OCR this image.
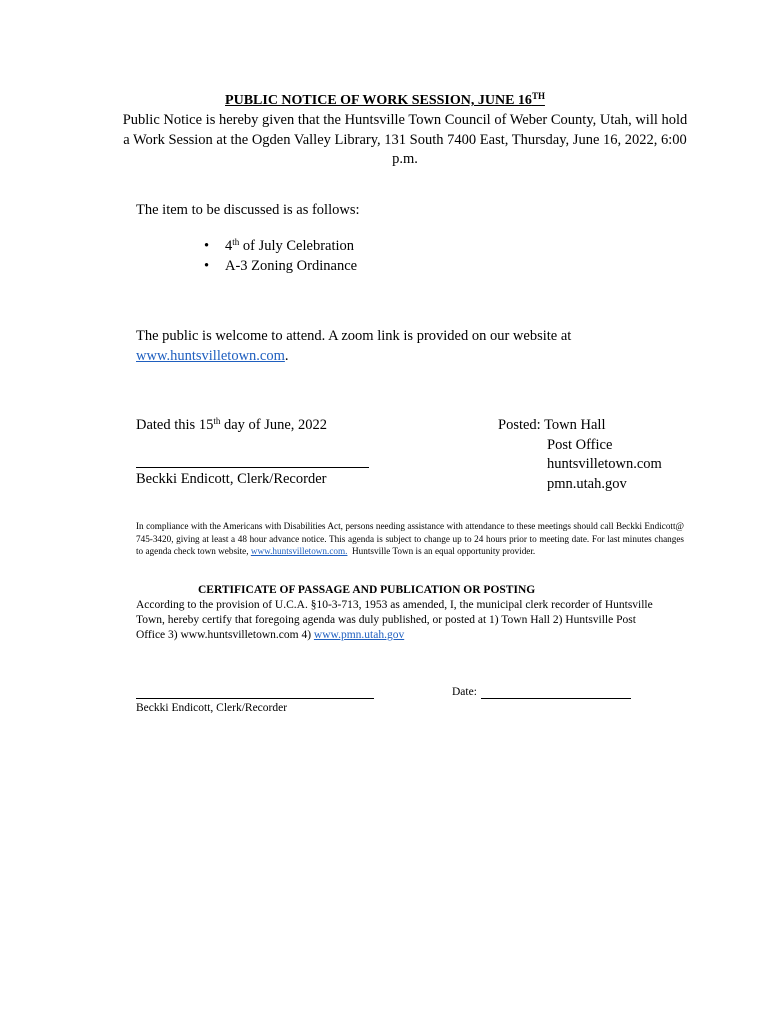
PUBLIC NOTICE OF WORK SESSION, JUNE 16TH
Public Notice is hereby given that the Huntsville Town Council of Weber County, Utah, will hold a Work Session at the Ogden Valley Library, 131 South 7400 East, Thursday, June 16, 2022, 6:00 p.m.
The item to be discussed is as follows:
• 4th of July Celebration
• A-3 Zoning Ordinance
The public is welcome to attend. A zoom link is provided on our website at
www.huntsvilletown.com.
Dated this 15th day of June, 2022
Beckki Endicott, Clerk/Recorder
Posted: Town Hall
Post Office
huntsvilletown.com
pmn.utah.gov
In compliance with the Americans with Disabilities Act, persons needing assistance with attendance to these meetings should call Beckki Endicott@ 745-3420, giving at least a 48 hour advance notice. This agenda is subject to change up to 24 hours prior to meeting date. For last minutes changes to agenda check town website, www.huntsvilletown.com.  Huntsville Town is an equal opportunity provider.
CERTIFICATE OF PASSAGE AND PUBLICATION OR POSTING
According to the provision of U.C.A. §10-3-713, 1953 as amended, I, the municipal clerk recorder of Huntsville Town, hereby certify that foregoing agenda was duly published, or posted at 1) Town Hall 2) Huntsville Post Office 3) www.huntsvilletown.com 4) www.pmn.utah.gov
Beckki Endicott, Clerk/Recorder
Date:
